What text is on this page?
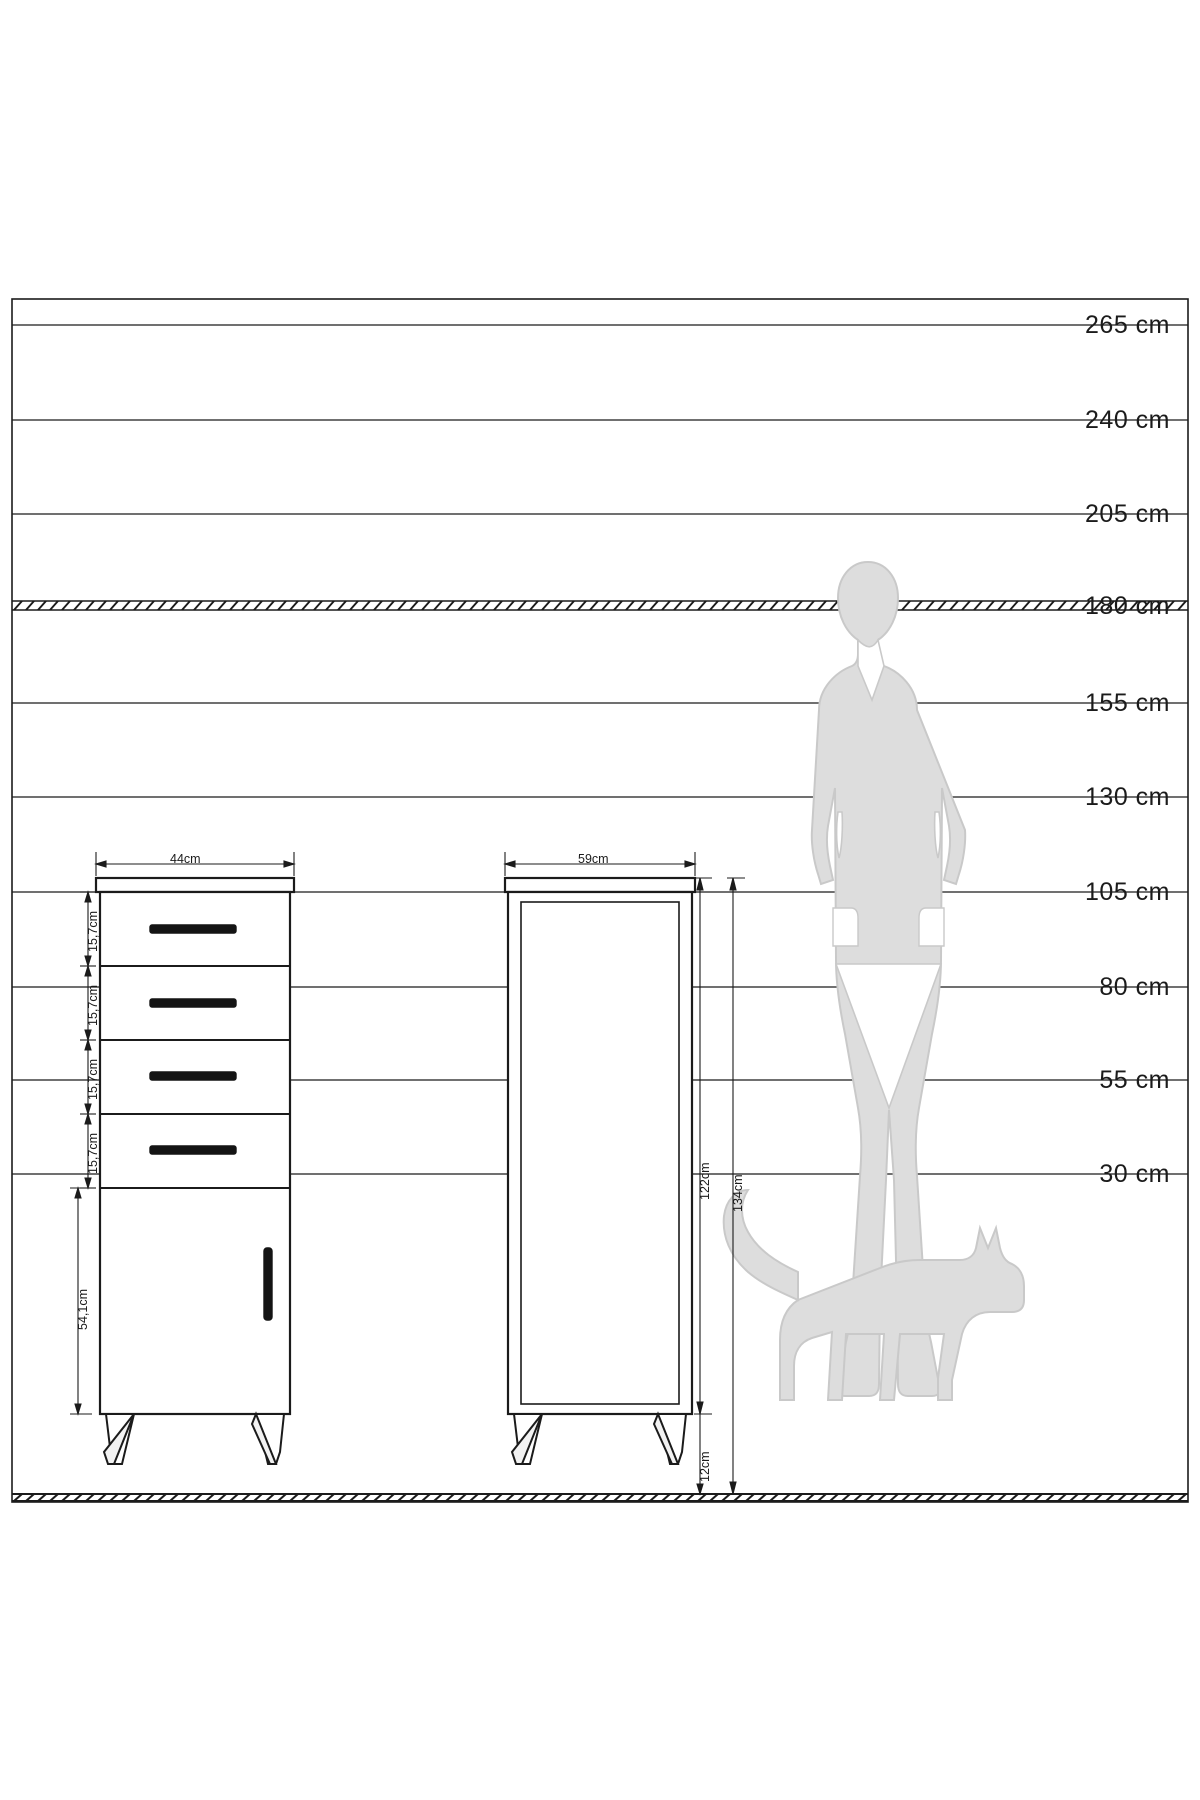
265 cm
240 cm
205 cm
180 cm
155 cm
130 cm
105 cm
80 cm
55 cm
30 cm
44cm	59cm
15,7cm
15,7cm
15,7cm
15,7cm
54,1cm
122cm 134cm
12cm
